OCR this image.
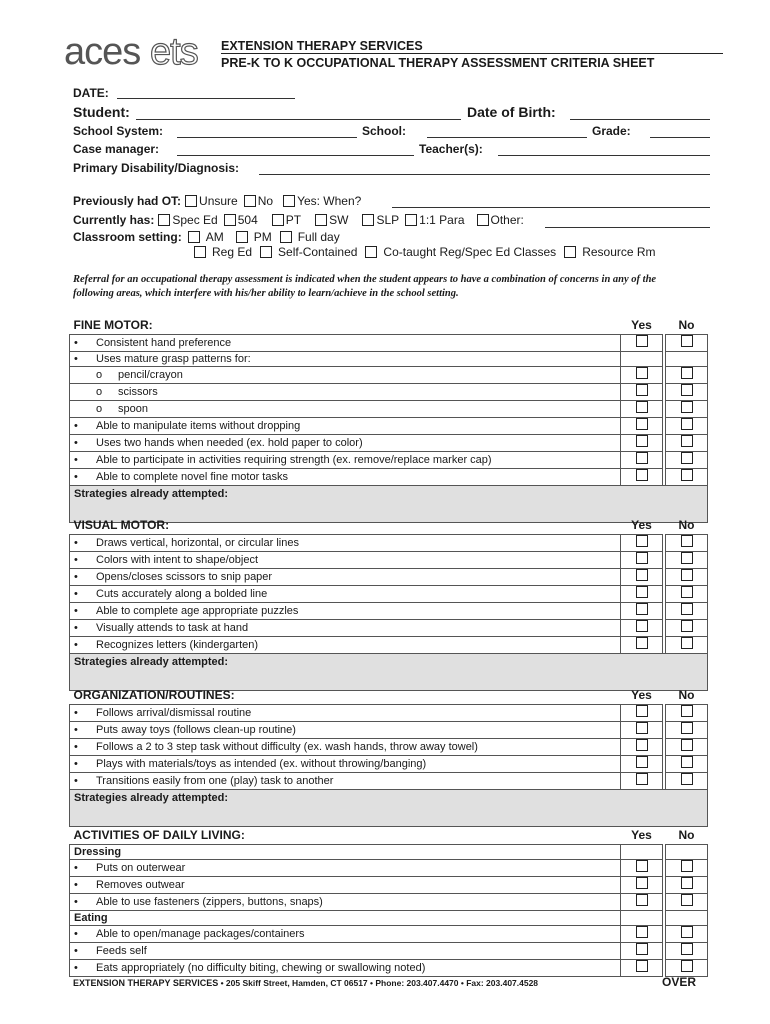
aces ets EXTENSION THERAPY SERVICES
PRE-K TO K OCCUPATIONAL THERAPY ASSESSMENT CRITERIA SHEET
DATE:
Student:	Date of Birth:
School System:	School:	Grade:
Case manager:	Teacher(s):
Primary Disability/Diagnosis:
Previously had OT: Unsure No Yes: When?
Currently has: Spec Ed 504 PT SW SLP 1:1 Para Other:
Classroom setting: AM	PM Full day
Reg Ed Self-Contained Co-taught Reg/Spec Ed Classes Resource Rm
Referral for an occupational therapy assessment is indicated when the student appears to have a combination of concerns in any of the following areas, which interfere with his/her ability to learn/achieve in the school setting.
FINE MOTOR:	Yes		No
• Consistent hand preference			
• Uses mature grasp patterns for:			
o pencil/crayon			
o scissors			
o spoon			
• Able to manipulate items without dropping			
• Uses two hands when needed (ex. hold paper to color)			
• Able to participate in activities requiring strength (ex. remove/replace marker cap)			
• Able to complete novel fine motor tasks			
Strategies already attempted:			
VISUAL MOTOR:	Yes		No
• Draws vertical, horizontal, or circular lines			
• Colors with intent to shape/object			
• Opens/closes scissors to snip paper			
• Cuts accurately along a bolded line			
• Able to complete age appropriate puzzles			
• Visually attends to task at hand			
• Recognizes letters (kindergarten)			
Strategies already attempted:			
ORGANIZATION/ROUTINES:	Yes		No
• Follows arrival/dismissal routine			
• Puts away toys (follows clean-up routine)			
• Follows a 2 to 3 step task without difficulty (ex. wash hands, throw away towel)			
• Plays with materials/toys as intended (ex. without throwing/banging)			
• Transitions easily from one (play) task to another			
Strategies already attempted:			
ACTIVITIES OF DAILY LIVING:	Yes		No
Dressing			
• Puts on outerwear			
• Removes outwear			
• Able to use fasteners (zippers, buttons, snaps)			
Eating			
• Able to open/manage packages/containers			
• Feeds self			
• Eats appropriately (no difficulty biting, chewing or swallowing noted)			
EXTENSION THERAPY SERVICES • 205 Skiff Street, Hamden, CT 06517 • Phone: 203.407.4470 • Fax: 203.407.4528	OVER
